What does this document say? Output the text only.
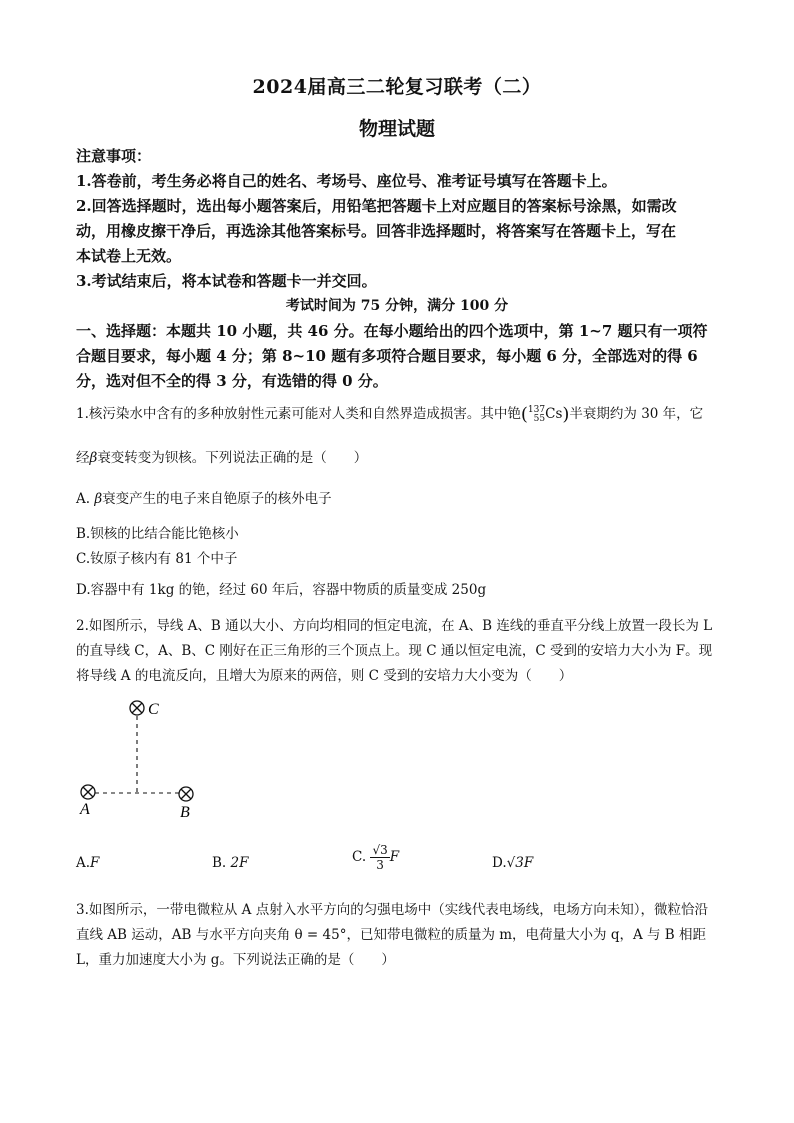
2024届高三二轮复习联考（二）
物理试题
注意事项：
1.答卷前，考生务必将自己的姓名、考场号、座位号、准考证号填写在答题卡上。
2.回答选择题时，选出每小题答案后，用铅笔把答题卡上对应题目的答案标号涂黑，如需改
动，用橡皮擦干净后，再选涂其他答案标号。回答非选择题时，将答案写在答题卡上，写在
本试卷上无效。
3.考试结束后，将本试卷和答题卡一并交回。
考试时间为 75 分钟，满分 100 分
一、选择题：本题共 10 小题，共 46 分。在每小题给出的四个选项中，第 1~7 题只有一项符
合题目要求，每小题 4 分；第 8~10 题有多项符合题目要求，每小题 6 分，全部选对的得 6
分，选对但不全的得 3 分，有选错的得 0 分。
1.核污染水中含有的多种放射性元素可能对人类和自然界造成损害。其中铯( 137
55 Cs)半衰期约为 30 年，它
经β衰变转变为钡核。下列说法正确的是（　　）
A. β衰变产生的电子来自铯原子的核外电子
B.钡核的比结合能比铯核小
C.钕原子核内有 81 个中子
D.容器中有 1kg 的铯，经过 60 年后，容器中物质的质量变成 250g
2.如图所示，导线 A、B 通以大小、方向均相同的恒定电流，在 A、B 连线的垂直平分线上放置一段长为 L
的直导线 C，A、B、C 刚好在正三角形的三个顶点上。现 C 通以恒定电流，C 受到的安培力大小为 F。现
将导线 A 的电流反向，且增大为原来的两倍，则 C 受到的安培力大小变为（　　）
C
A	B
A.F	B. 2F	C. $\frac{√3}{3}$ F	D.√3F
3.如图所示，一带电微粒从 A 点射入水平方向的匀强电场中（实线代表电场线，电场方向未知），微粒恰沿
直线 AB 运动，AB 与水平方向夹角 θ = 45°，已知带电微粒的质量为 m，电荷量大小为 q，A 与 B 相距
L，重力加速度大小为 g。下列说法正确的是（　　）
